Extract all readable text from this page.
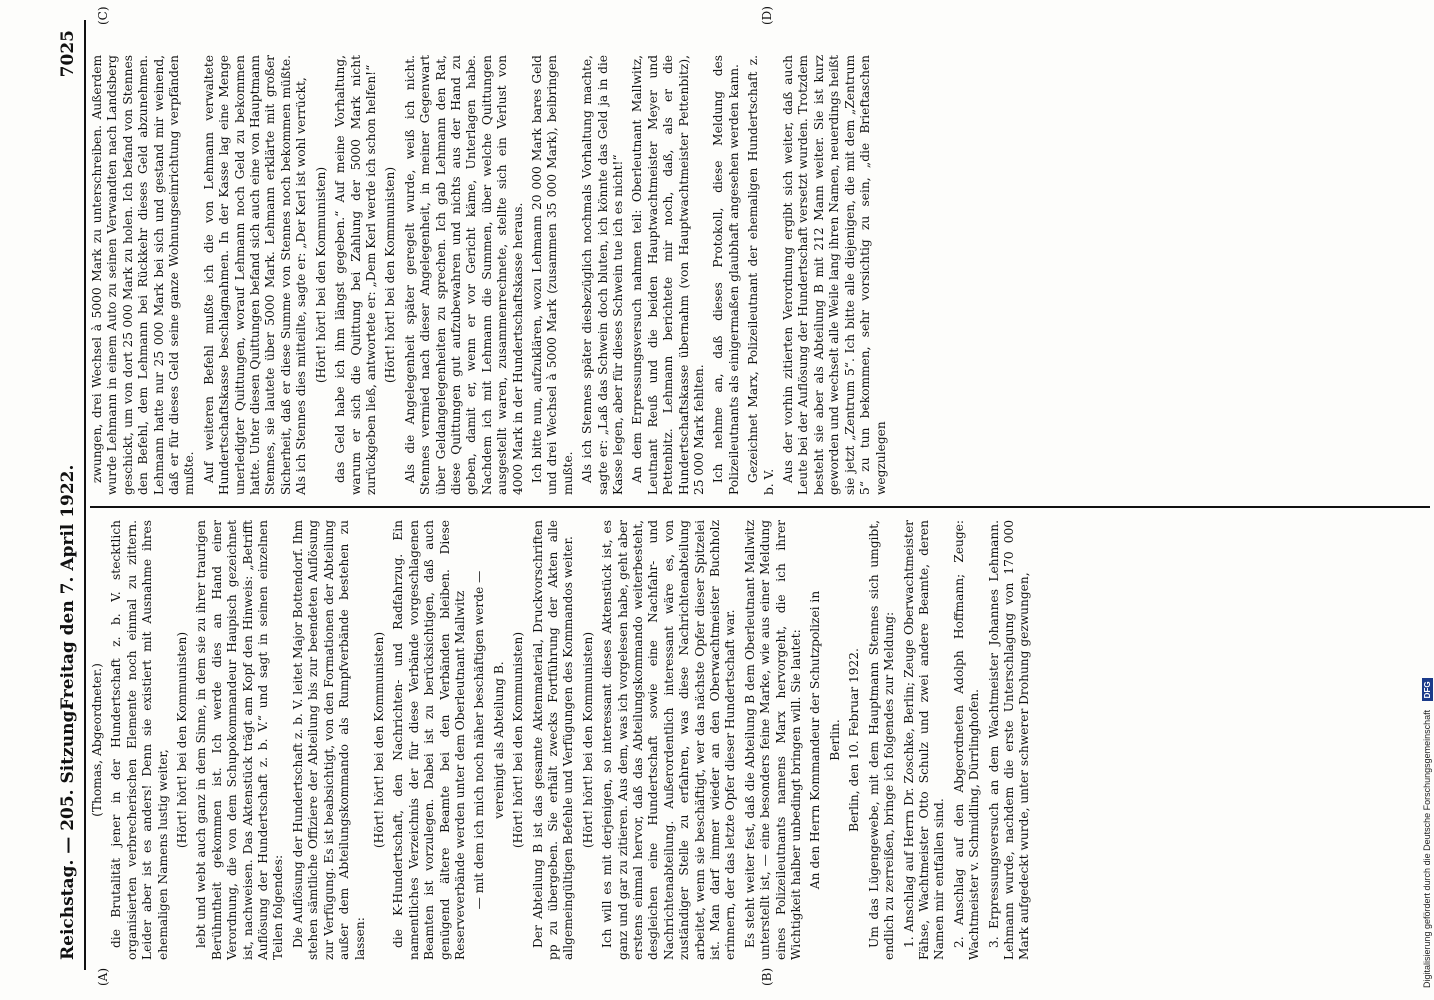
Reichstag. — 205. Sitzung.
Freitag den 7. April 1922.
7025
(A)	(B)
(C)	(D)

(Thomas, Abgeordneter.) die Brutalität jener in der Hundertschaft z. b. V. stecktlich organisierten verbrecherischen Elemente noch einmal zu zittern. Leider aber ist es anders! Denn sie existiert mit Ausnahme ihres ehemaligen Namens lustig weiter,

(Hört! hört! bei den Kommunisten) lebt und webt auch ganz in dem Sinne, in dem sie zu ihrer traurigen Berühmtheit gekommen ist. Ich werde dies an Hand einer Verordnung, die von dem Schupokommandeur Haupisch gezeichnet ist, nachweisen. Das Aktenstück trägt am Kopf den Hinweis: „Betrifft Auflösung der Hundertschaft z. b. V.“ und sagt in seinen einzelnen Teilen folgendes: Die Auflösung der Hundertschaft z. b. V. leitet Major Bottendorf. Ihm stehen sämtliche Offiziere der Abteilung bis zur beendeten Auflösung zur Verfügung. Es ist beabsichtigt, von den Formationen der Abteilung außer dem Abteilungskommando als Rumpfverbände bestehen zu lassen:

(Hört! hört! bei den Kommunisten) die K-Hundertschaft, den Nachrichten- und Radfahrzug. Ein namentliches Verzeichnis der für diese Verbände vorgeschlagenen Beamten ist vorzulegen. Dabei ist zu berücksichtigen, daß auch genügend ältere Beamte bei den Verbänden bleiben. Diese Reserveverbände werden unter dem Oberleutnant Mallwitz — mit dem ich mich noch näher beschäftigen werde — vereinigt als Abteilung B. (Hört! hört! bei den Kommunisten) Der Abteilung B ist das gesamte Aktenmaterial, Druckvorschriften pp zu übergeben. Sie erhält zwecks Fortführung der Akten alle allgemeingültigen Befehle und Verfügungen des Kommandos weiter. (Hört! hört! bei den Kommunisten) Ich will es mit derjenigen, so interessant dieses Aktenstück ist, es ganz und gar zu zitieren. Aus dem, was ich vorgelesen habe, geht aber erstens einmal hervor, daß das Abteilungskommando weiterbesteht, desgleichen eine Hundertschaft sowie eine Nachfahr- und Nachrichtenabteilung. Außerordentlich interessant wäre es, von zuständiger Stelle zu erfahren, was diese Nachrichtenabteilung arbeitet, wenn sie beschäftigt, wer das nächste Opfer dieser Spitzelei ist. Man darf immer wieder an den Oberwachtmeister Buchholz erinnern, der das letzte Opfer dieser Hundertschaft war. Es steht weiter fest, daß die Abteilung B dem Oberleutnant Mallwitz unterstellt ist, — eine besonders feine Marke, wie aus einer Meldung eines Polizeileutnants namens Marx hervorgeht, die ich ihrer Wichtigkeit halber unbedingt bringen will. Sie lautet: An den Herrn Kommandeur der Schutzpolizei in Berlin. Berlin, den 10. Februar 1922. Um das Lügengewebe, mit dem Hauptmann Stennes sich umgibt, endlich zu zerreißen, bringe ich folgendes zur Meldung: 1. Anschlag auf Herrn Dr. Zoschke, Berlin; Zeuge Oberwachtmeister Fähse, Wachtmeister Otto Schulz und zwei andere Beamte, deren Namen mir entfallen sind. 2. Anschlag auf den Abgeordneten Adolph Hoffmann; Zeuge: Wachtmeister v. Schmidling, Dürrlinghofen. 3. Erpressungsversuch an dem Wachtmeister Johannes Lehmann. Lehmann wurde, nachdem die erste Unterschlagung von 170 000 Mark aufgedeckt wurde, unter schwerer Drohung gezwungen,

zwungen, drei Wechsel à 5000 Mark zu unterschreiben. Außerdem wurde Lehmann in einem Auto zu seinen Verwandten nach Landsberg geschickt, um von dort 25 000 Mark zu holen. Ich befand von Stennes den Befehl, dem Lehmann bei Rückkehr dieses Geld abzunehmen. Lehmann hatte nur 25 000 Mark bei sich und gestand mir weinend, daß er für dieses Geld seine ganze Wohnungseinrichtung verpfänden mußte. Auf weiteren Befehl mußte ich die von Lehmann verwaltete Hundertschaftskasse beschlagnahmen. In der Kasse lag eine Menge unerledigter Quittungen, worauf Lehmann noch Geld zu bekommen hatte. Unter diesen Quittungen befand sich auch eine von Hauptmann Stennes, sie lautete über 5000 Mark. Lehmann erklärte mit großer Sicherheit, daß er diese Summe von Stennes noch bekommen müßte. Als ich Stennes dies mitteilte, sagte er: „Der Kerl ist wohl verrückt, (Hört! hört! bei den Kommunisten) das Geld habe ich ihm längst gegeben.“ Auf meine Vorhaltung, warum er sich die Quittung bei Zahlung der 5000 Mark nicht zurückgeben ließ, antwortete er: „Dem Kerl werde ich schon helfen!“ (Hört! hört! bei den Kommunisten) Als die Angelegenheit später geregelt wurde, weiß ich nicht. Stennes vermied nach dieser Angelegenheit, in meiner Gegenwart über Geldangelegenheiten zu sprechen. Ich gab Lehmann den Rat, diese Quittungen gut aufzubewahren und nichts aus der Hand zu geben, damit er, wenn er vor Gericht käme, Unterlagen habe. Nachdem ich mit Lehmann die Summen, über welche Quittungen ausgestellt waren, zusammenrechnete, stellte sich ein Verlust von 4000 Mark in der Hundertschaftskasse heraus. Ich bitte nun, aufzuklären, wozu Lehmann 20 000 Mark bares Geld und drei Wechsel à 5000 Mark (zusammen 35 000 Mark), beibringen mußte. Als ich Stennes später diesbezüglich nochmals Vorhaltung machte, sagte er: „Laß das Schwein doch bluten, ich könnte das Geld ja in die Kasse legen, aber für dieses Schwein tue ich es nicht!“ An dem Erpressungsversuch nahmen teil: Oberleutnant Mallwitz, Leutnant Reuß und die beiden Hauptwachtmeister Meyer und Pettenbitz. Lehmann berichtete mir noch, daß, als er die Hundertschaftskasse übernahm (von Hauptwachtmeister Pettenbitz), 25 000 Mark fehlten. Ich nehme an, daß dieses Protokoll, diese Meldung des Polizeileutnants als einigermaßen glaubhaft angesehen werden kann. Gezeichnet Marx, Polizeileutnant der ehemaligen Hundertschaft z. b. V. Aus der vorhin zitierten Verordnung ergibt sich weiter, daß auch Leute bei der Auflösung der Hundertschaft versetzt wurden. Trotzdem besteht sie aber als Abteilung B mit 212 Mann weiter. Sie ist kurz geworden und wechselt alle Weile lang ihren Namen, neuerdings heißt sie jetzt „Zentrum 5“. Ich bitte alle diejenigen, die mit dem „Zentrum 5“ zu tun bekommen, sehr vorsichtig zu sein, „die Brieftaschen wegzulegen

Digitalisierung gefördert durch die Deutsche Forschungsgemeinschaft DFG
